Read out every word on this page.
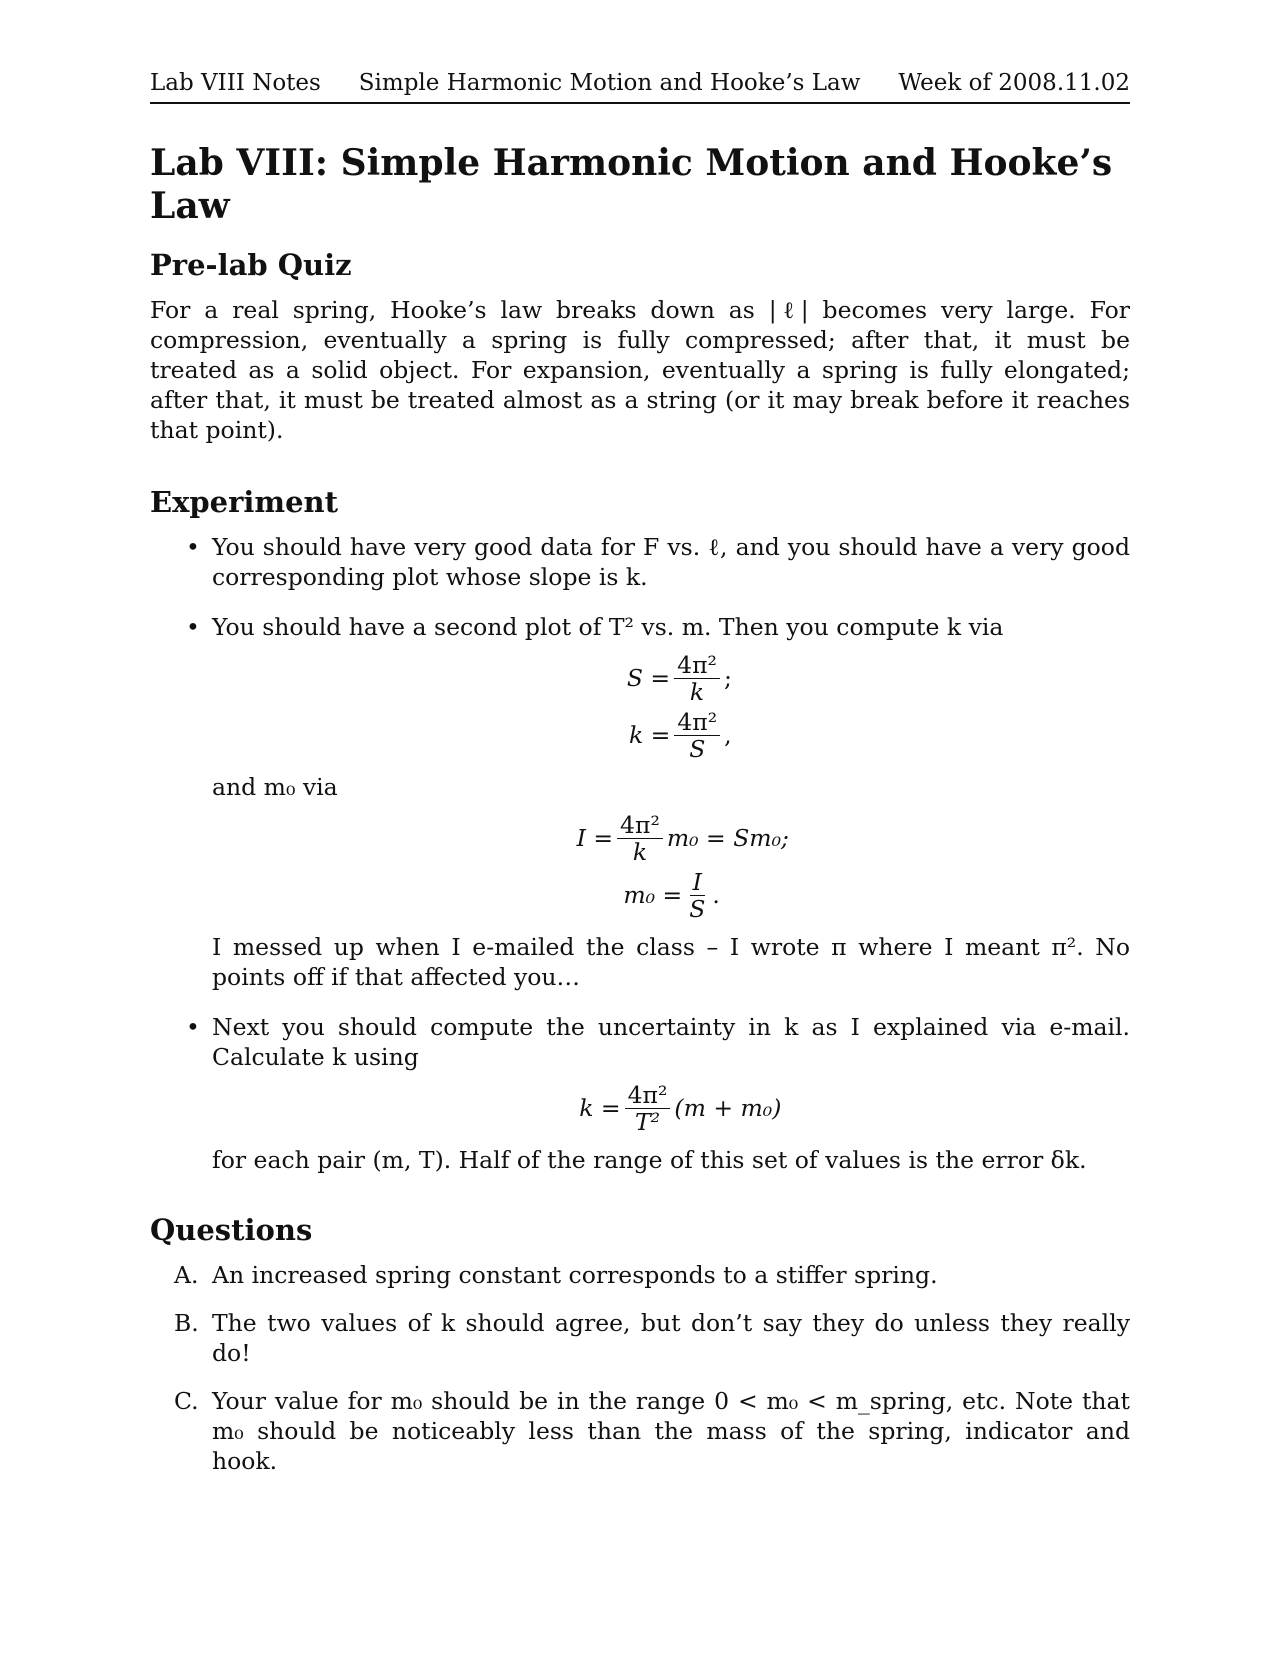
Lab VIII Notes Simple Harmonic Motion and Hooke’s Law Week of 2008.11.02
Lab VIII: Simple Harmonic Motion and Hooke’s Law
Pre-lab Quiz

For a real spring, Hooke’s law breaks down as |ℓ| becomes very large. For compression, eventually a spring is fully compressed; after that, it must be treated as a solid object. For expansion, eventually a spring is fully elongated; after that, it must be treated almost as a string (or it may break before it reaches that point).

Experiment
• You should have very good data for F vs. ℓ, and you should have a very good corresponding plot whose slope is k.
• You should have a second plot of T² vs. m. Then you compute k via
$S = \frac{\text{4π²}}{k}$ ;
$k = \frac{\text{4π²}}{S}$ ,
and m₀ via
$I = \frac{\text{4π²}}{k} m_0 = Sm_0$;
$m_0 = \frac{I}{S}$ .
I messed up when I e-mailed the class – I wrote π where I meant π². No points off if that affected you…
• Next you should compute the uncertainty in k as I explained via e-mail. Calculate k using
$k = \frac{\text{4π²}}{\text{T²}} (m + m_0)$
for each pair (m, T). Half of the range of this set of values is the error δk.
Questions
A. An increased spring constant corresponds to a stiffer spring.
B. The two values of k should agree, but don’t say they do unless they really do!
C. Your value for m₀ should be in the range 0 < m₀ < m_spring, etc. Note that m₀ should be noticeably less than the mass of the spring, indicator and hook.
